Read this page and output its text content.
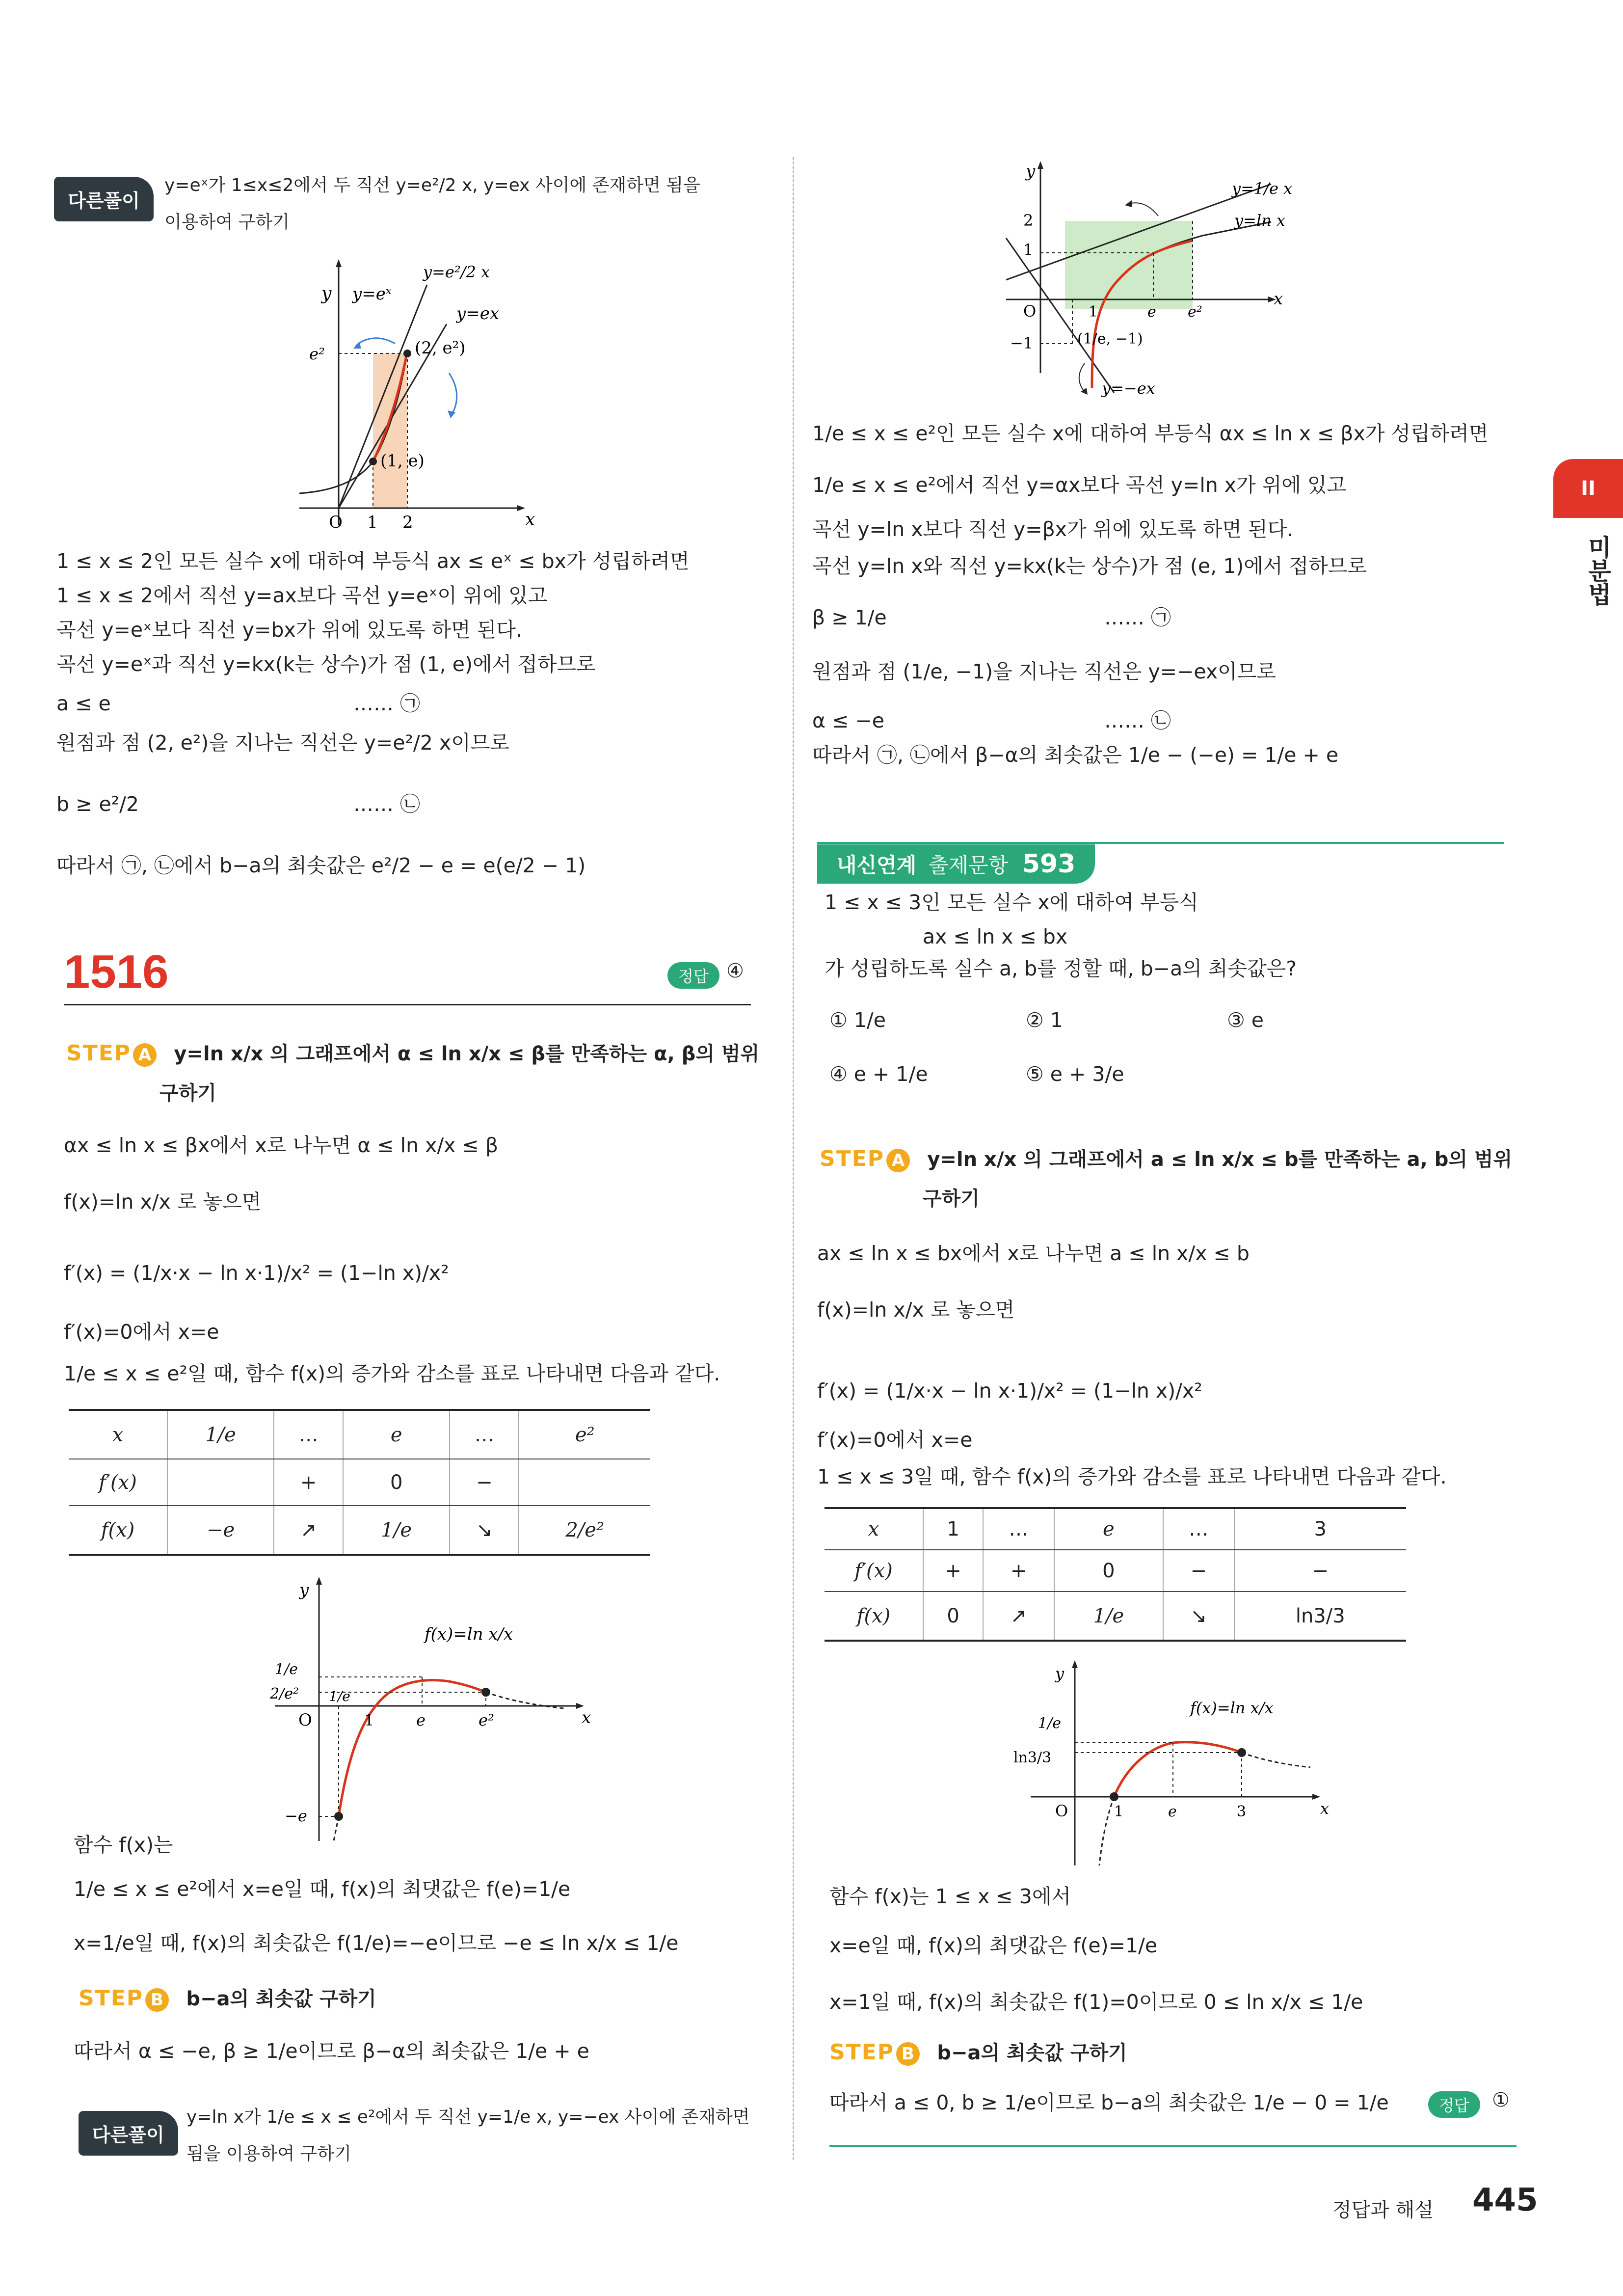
다른풀이
y=eˣ가 1≤x≤2에서 두 직선 y=e²/2 x, y=ex 사이에 존재하면 됨을
이용하여 구하기
y
x
O 1 2
e²
y=eˣ
y=e²/2 x
y=ex
(1, e)
(2, e²)
1 ≤ x ≤ 2인 모든 실수 x에 대하여 부등식 ax ≤ eˣ ≤ bx가 성립하려면
1 ≤ x ≤ 2에서 직선 y=ax보다 곡선 y=eˣ이 위에 있고
곡선 y=eˣ보다 직선 y=bx가 위에 있도록 하면 된다.
곡선 y=eˣ과 직선 y=kx(k는 상수)가 점 (1, e)에서 접하므로
a ≤ e	…… ㉠
원점과 점 (2, e²)을 지나는 직선은 y=e²/2 x이므로
b ≥ e²/2	…… ㉡
따라서 ㉠, ㉡에서 b−a의 최솟값은 e²/2 − e = e(e/2 − 1)
1516	정답 ④
STEP A y=ln x/x 의 그래프에서 α ≤ ln x/x ≤ β를 만족하는 α, β의 범위
구하기
αx ≤ ln x ≤ βx에서 x로 나누면 α ≤ ln x/x ≤ β
f(x)=ln x/x 로 놓으면
f′(x) = (1/x·x − ln x·1)/x² = (1−ln x)/x²
f′(x)=0에서 x=e
1/e ≤ x ≤ e²일 때, 함수 f(x)의 증가와 감소를 표로 나타내면 다음과 같다.
x	1/e	…	e	…	e²
f′(x)		+	0	−	
f(x)	−e	↗	1/e	↘	2/e²
y
x
O	1	e	e²
1/e
2/e²
−e
1/e
f(x)=ln x/x
함수 f(x)는
1/e ≤ x ≤ e²에서 x=e일 때, f(x)의 최댓값은 f(e)=1/e
x=1/e일 때, f(x)의 최솟값은 f(1/e)=−e이므로 −e ≤ ln x/x ≤ 1/e
STEP B b−a의 최솟값 구하기
따라서 α ≤ −e, β ≥ 1/e이므로 β−α의 최솟값은 1/e + e
다른풀이
y=ln x가 1/e ≤ x ≤ e²에서 두 직선 y=1/e x, y=−ex 사이에 존재하면
됨을 이용하여 구하기
y
x
O
2
1
−1
1	e e²
y=1/e x
y=ln x
y=−ex
(1/e, −1)
1/e ≤ x ≤ e²인 모든 실수 x에 대하여 부등식 αx ≤ ln x ≤ βx가 성립하려면
1/e ≤ x ≤ e²에서 직선 y=αx보다 곡선 y=ln x가 위에 있고
곡선 y=ln x보다 직선 y=βx가 위에 있도록 하면 된다.
곡선 y=ln x와 직선 y=kx(k는 상수)가 점 (e, 1)에서 접하므로
β ≥ 1/e	…… ㉠
원점과 점 (1/e, −1)을 지나는 직선은 y=−ex이므로
α ≤ −e	…… ㉡
따라서 ㉠, ㉡에서 β−α의 최솟값은 1/e − (−e) = 1/e + e
내신연계 출제문항 593
1 ≤ x ≤ 3인 모든 실수 x에 대하여 부등식
ax ≤ ln x ≤ bx
가 성립하도록 실수 a, b를 정할 때, b−a의 최솟값은?
① 1/e	② 1	③ e
④ e + 1/e	⑤ e + 3/e
STEP A y=ln x/x 의 그래프에서 a ≤ ln x/x ≤ b를 만족하는 a, b의 범위
구하기
ax ≤ ln x ≤ bx에서 x로 나누면 a ≤ ln x/x ≤ b
f(x)=ln x/x 로 놓으면
f′(x) = (1/x·x − ln x·1)/x² = (1−ln x)/x²
f′(x)=0에서 x=e
1 ≤ x ≤ 3일 때, 함수 f(x)의 증가와 감소를 표로 나타내면 다음과 같다.
x	1	…	e	…	3
f′(x)	+	+	0	−	−
f(x)	0	↗	1/e	↘	ln3/3
y
x
O	1	e	3
1/e
ln3/3
f(x)=ln x/x
함수 f(x)는 1 ≤ x ≤ 3에서
x=e일 때, f(x)의 최댓값은 f(e)=1/e
x=1일 때, f(x)의 최솟값은 f(1)=0이므로 0 ≤ ln x/x ≤ 1/e
STEP B b−a의 최솟값 구하기
따라서 a ≤ 0, b ≥ 1/e이므로 b−a의 최솟값은 1/e − 0 = 1/e	정답	①
II
미분법
정답과 해설 445
